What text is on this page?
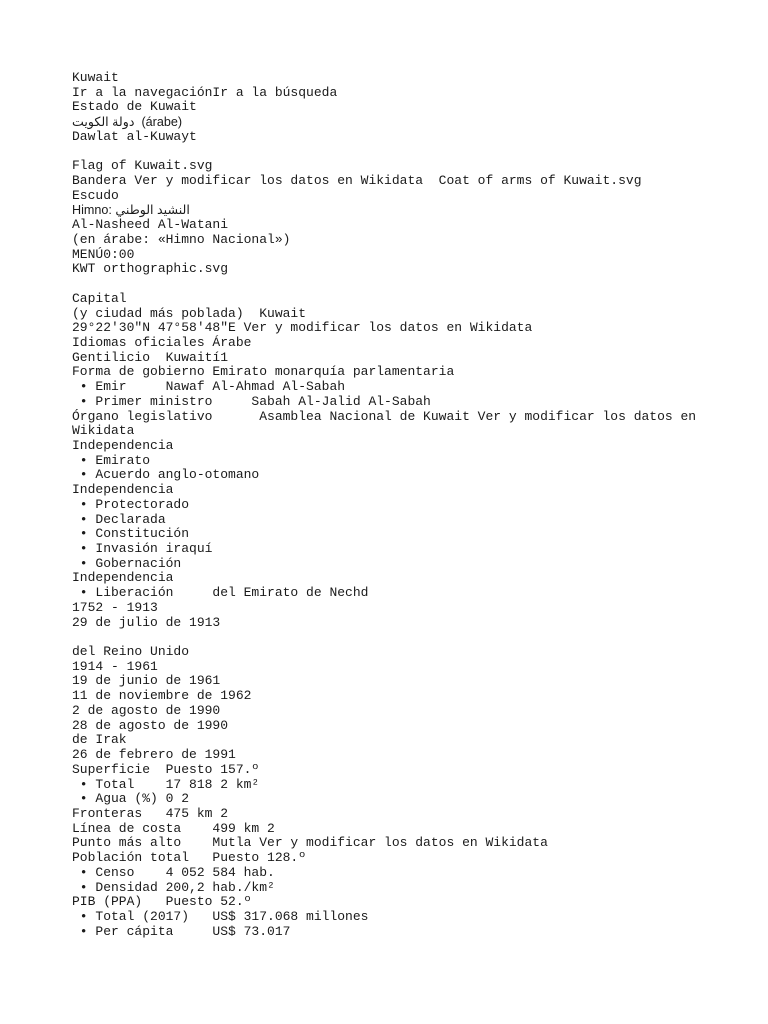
Kuwait
Ir a la navegaciónIr a la búsqueda
Estado de Kuwait
دولة الكويت  (árabe)
Dawlat al-Kuwayt
Flag of Kuwait.svg
Bandera Ver y modificar los datos en Wikidata  Coat of arms of Kuwait.svg
Escudo
Himno: النشيد الوطني
Al-Nasheed Al-Watani
(en árabe: «Himno Nacional»)
MENÚ0:00
KWT orthographic.svg
Capital
(y ciudad más poblada)  Kuwait
29°22′30″N 47°58′48″E Ver y modificar los datos en Wikidata
Idiomas oficiales Árabe
Gentilicio  Kuwaití1
Forma de gobierno Emirato monarquía parlamentaria
• Emir     Nawaf Al-Ahmad Al-Sabah
• Primer ministro     Sabah Al-Jalid Al-Sabah
Órgano legislativo      Asamblea Nacional de Kuwait Ver y modificar los datos en
Wikidata
Independencia
• Emirato
• Acuerdo anglo-otomano
Independencia
• Protectorado
• Declarada
• Constitución
• Invasión iraquí
• Gobernación
Independencia
• Liberación     del Emirato de Nechd
1752 - 1913
29 de julio de 1913
del Reino Unido
1914 - 1961
19 de junio de 1961
11 de noviembre de 1962
2 de agosto de 1990
28 de agosto de 1990
de Irak
26 de febrero de 1991
Superficie  Puesto 157.º
• Total    17 818 2 km²
• Agua (%) 0 2
Fronteras   475 km 2
Línea de costa    499 km 2
Punto más alto    Mutla Ver y modificar los datos en Wikidata
Población total   Puesto 128.º
• Censo    4 052 584 hab.
• Densidad 200,2 hab./km²
PIB (PPA)   Puesto 52.º
• Total (2017)   US$ 317.068 millones
• Per cápita     US$ 73.017
